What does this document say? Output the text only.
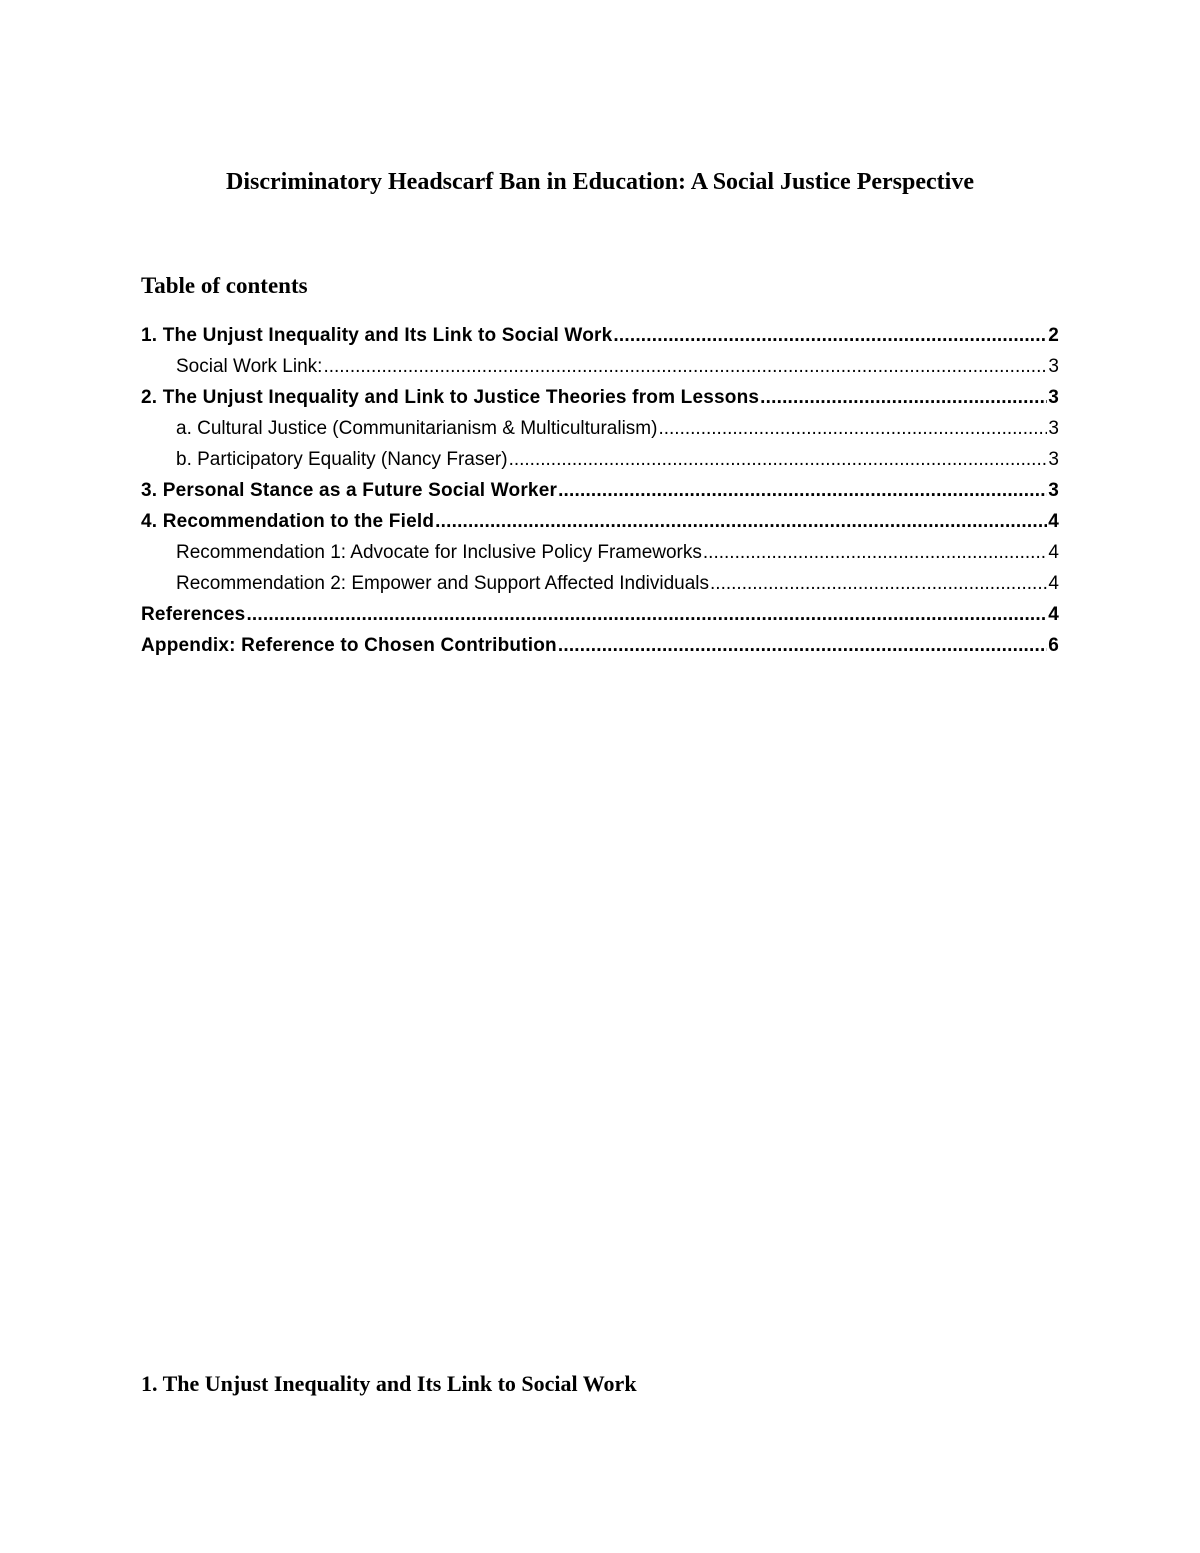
Discriminatory Headscarf Ban in Education: A Social Justice Perspective
Table of contents
1. The Unjust Inequality and Its Link to Social Work .....	2
Social Work Link: .....	3
2. The Unjust Inequality and Link to Justice Theories from Lessons .....	3
a. Cultural Justice (Communitarianism & Multiculturalism) .....	3
b. Participatory Equality (Nancy Fraser) .....	3
3. Personal Stance as a Future Social Worker .....	3
4. Recommendation to the Field .....	4
Recommendation 1: Advocate for Inclusive Policy Frameworks .....	4
Recommendation 2: Empower and Support Affected Individuals .....	4
References .....	4
Appendix: Reference to Chosen Contribution .....	6
1. The Unjust Inequality and Its Link to Social Work
